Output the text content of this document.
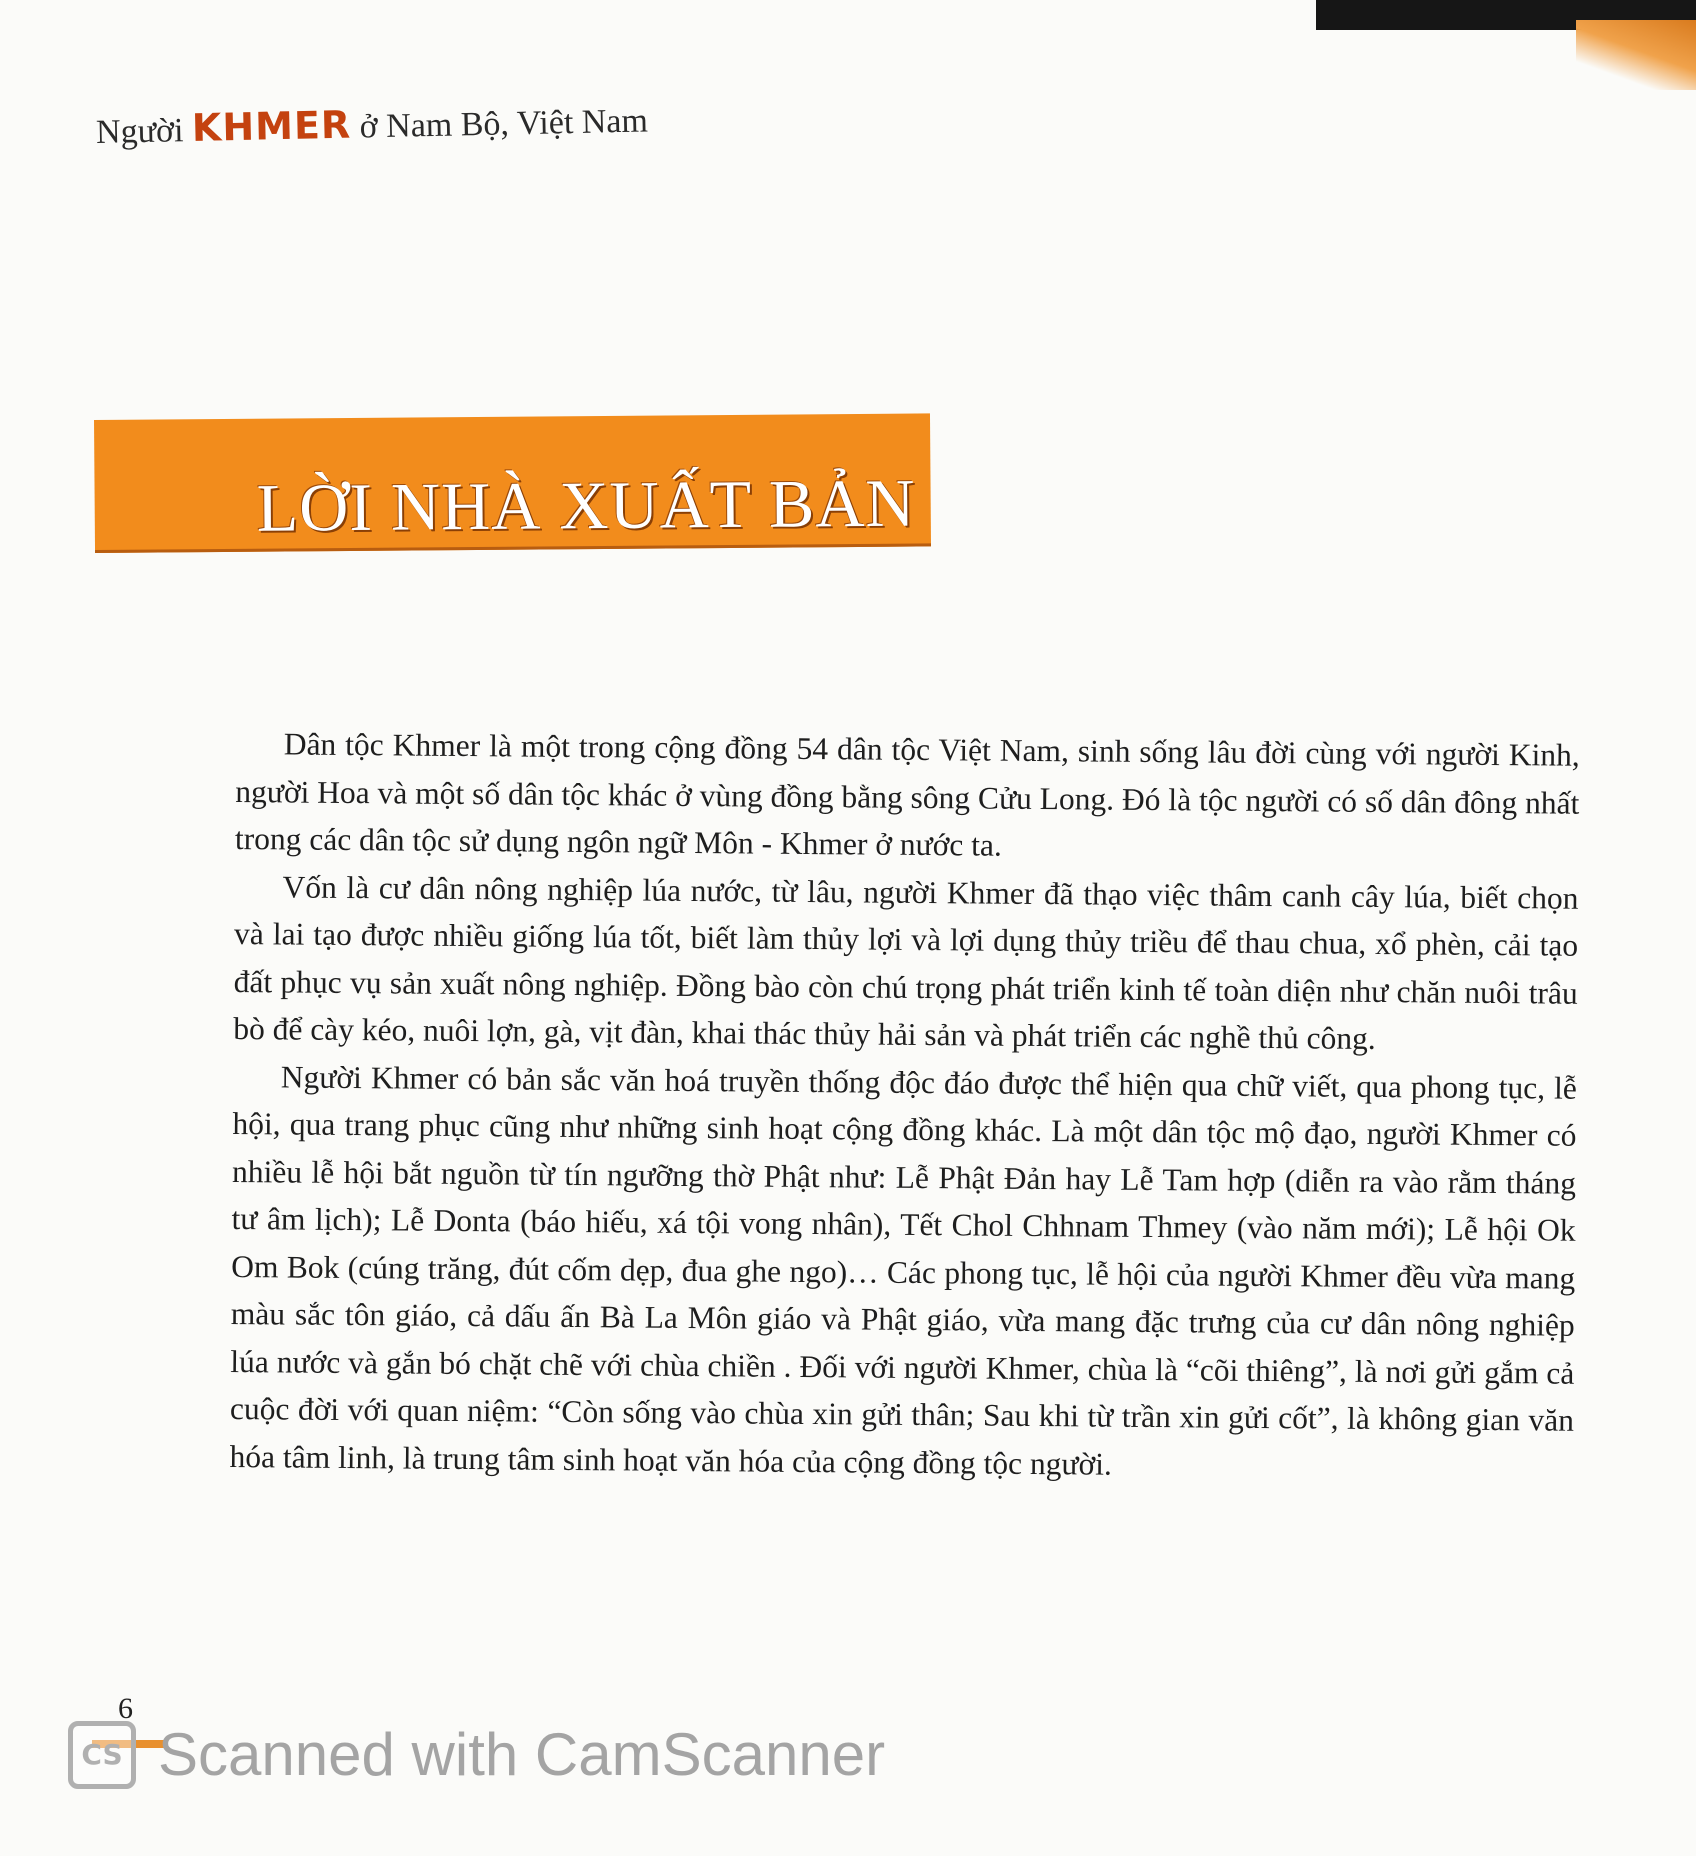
Người KHMER ở Nam Bộ, Việt Nam
LỜI NHÀ XUẤT BẢN

Dân tộc Khmer là một trong cộng đồng 54 dân tộc Việt Nam, sinh sống lâu đời cùng với người Kinh, người Hoa và một số dân tộc khác ở vùng đồng bằng sông Cửu Long. Đó là tộc người có số dân đông nhất trong các dân tộc sử dụng ngôn ngữ Môn - Khmer ở nước ta.

Vốn là cư dân nông nghiệp lúa nước, từ lâu, người Khmer đã thạo việc thâm canh cây lúa, biết chọn và lai tạo được nhiều giống lúa tốt, biết làm thủy lợi và lợi dụng thủy triều để thau chua, xổ phèn, cải tạo đất phục vụ sản xuất nông nghiệp. Đồng bào còn chú trọng phát triển kinh tế toàn diện như chăn nuôi trâu bò để cày kéo, nuôi lợn, gà, vịt đàn, khai thác thủy hải sản và phát triển các nghề thủ công.

Người Khmer có bản sắc văn hoá truyền thống độc đáo được thể hiện qua chữ viết, qua phong tục, lễ hội, qua trang phục cũng như những sinh hoạt cộng đồng khác. Là một dân tộc mộ đạo, người Khmer có nhiều lễ hội bắt nguồn từ tín ngưỡng thờ Phật như: Lễ Phật Đản hay Lễ Tam hợp (diễn ra vào rằm tháng tư âm lịch); Lễ Donta (báo hiếu, xá tội vong nhân), Tết Chol Chhnam Thmey (vào năm mới); Lễ hội Ok Om Bok (cúng trăng, đút cốm dẹp, đua ghe ngo)… Các phong tục, lễ hội của người Khmer đều vừa mang màu sắc tôn giáo, cả dấu ấn Bà La Môn giáo và Phật giáo, vừa mang đặc trưng của cư dân nông nghiệp lúa nước và gắn bó chặt chẽ với chùa chiền . Đối với người Khmer, chùa là “cõi thiêng”, là nơi gửi gắm cả cuộc đời với quan niệm: “Còn sống vào chùa xin gửi thân; Sau khi từ trần xin gửi cốt”, là không gian văn hóa tâm linh, là trung tâm sinh hoạt văn hóa của cộng đồng tộc người.

6
CS Scanned with CamScanner
